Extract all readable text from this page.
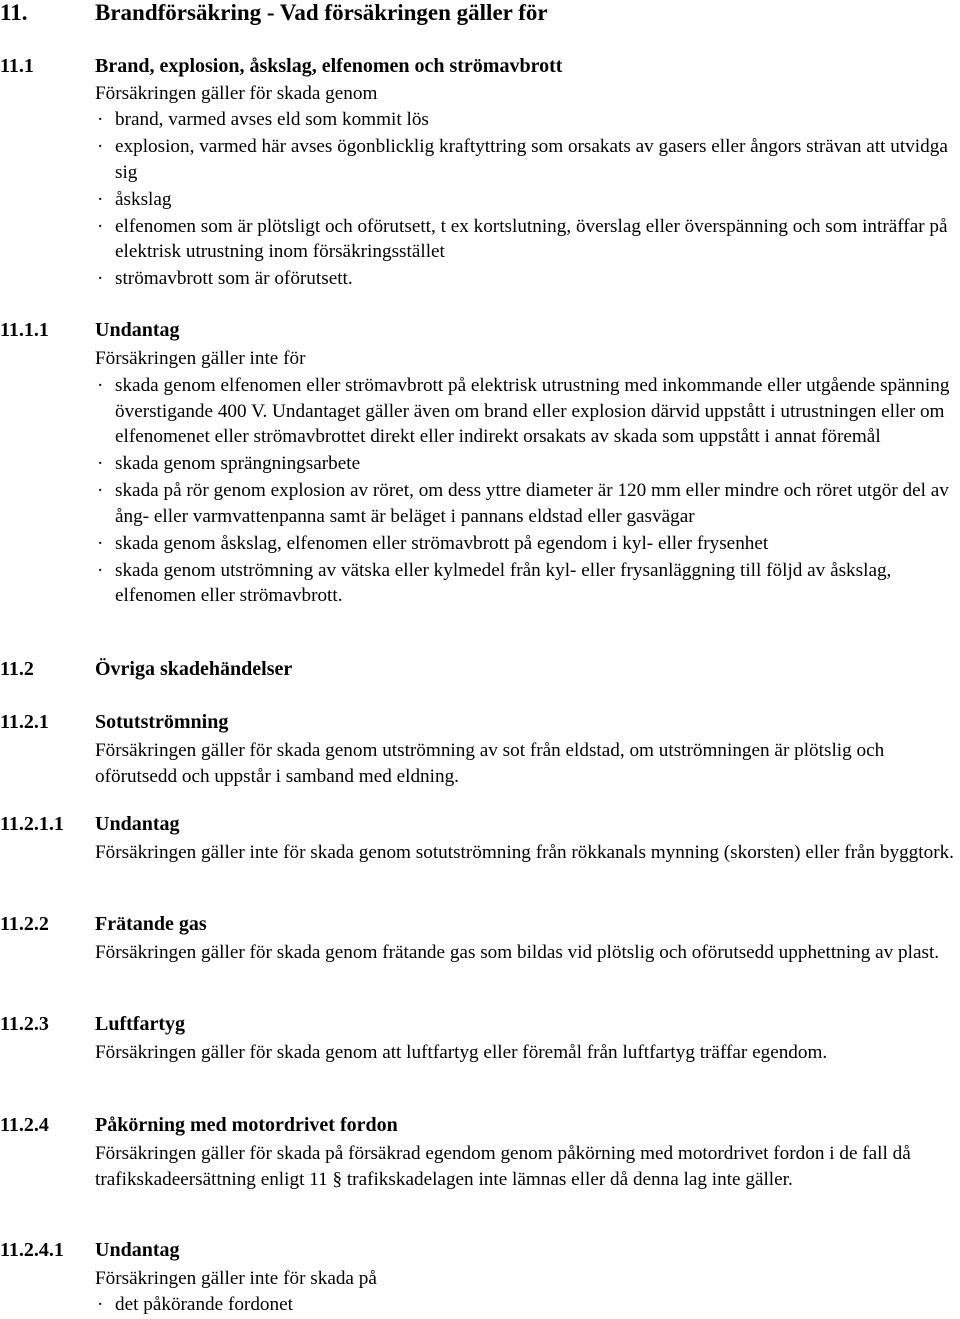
11.	Brandförsäkring - Vad försäkringen gäller för
11.1	Brand, explosion, åskslag, elfenomen och strömavbrott
Försäkringen gäller för skada genom
· brand, varmed avses eld som kommit lös
· explosion, varmed här avses ögonblicklig kraftyttring som orsakats av gasers eller ångors strävan att utvidga sig
· åskslag
· elfenomen som är plötsligt och oförutsett, t ex kortslutning, överslag eller överspänning och som inträffar på elektrisk utrustning inom försäkringsstället
· strömavbrott som är oförutsett.
11.1.1 Undantag
Försäkringen gäller inte för
· skada genom elfenomen eller strömavbrott på elektrisk utrustning med inkommande eller utgående spänning överstigande 400 V. Undantaget gäller även om brand eller explosion därvid uppstått i utrustningen eller om elfenomenet eller strömavbrottet direkt eller indirekt orsakats av skada som uppstått i annat föremål
· skada genom sprängningsarbete
· skada på rör genom explosion av röret, om dess yttre diameter är 120 mm eller mindre och röret utgör del av ång- eller varmvattenpanna samt är beläget i pannans eldstad eller gasvägar
· skada genom åskslag, elfenomen eller strömavbrott på egendom i kyl- eller frysenhet
· skada genom utströmning av vätska eller kylmedel från kyl- eller frysanläggning till följd av åskslag, elfenomen eller strömavbrott.
11.2	Övriga skadehändelser
11.2.1 Sotutströmning
Försäkringen gäller för skada genom utströmning av sot från eldstad, om utströmningen är plötslig och oförutsedd och uppstår i samband med eldning.
11.2.1.1 Undantag
Försäkringen gäller inte för skada genom sotutströmning från rökkanals mynning (skorsten) eller från byggtork.
11.2.2 Frätande gas
Försäkringen gäller för skada genom frätande gas som bildas vid plötslig och oförutsedd upphettning av plast.
11.2.3 Luftfartyg
Försäkringen gäller för skada genom att luftfartyg eller föremål från luftfartyg träffar egendom.
11.2.4 Påkörning med motordrivet fordon
Försäkringen gäller för skada på försäkrad egendom genom påkörning med motordrivet fordon i de fall då trafikskadeersättning enligt 11 § trafikskadelagen inte lämnas eller då denna lag inte gäller.
11.2.4.1 Undantag
Försäkringen gäller inte för skada på
· det påkörande fordonet
